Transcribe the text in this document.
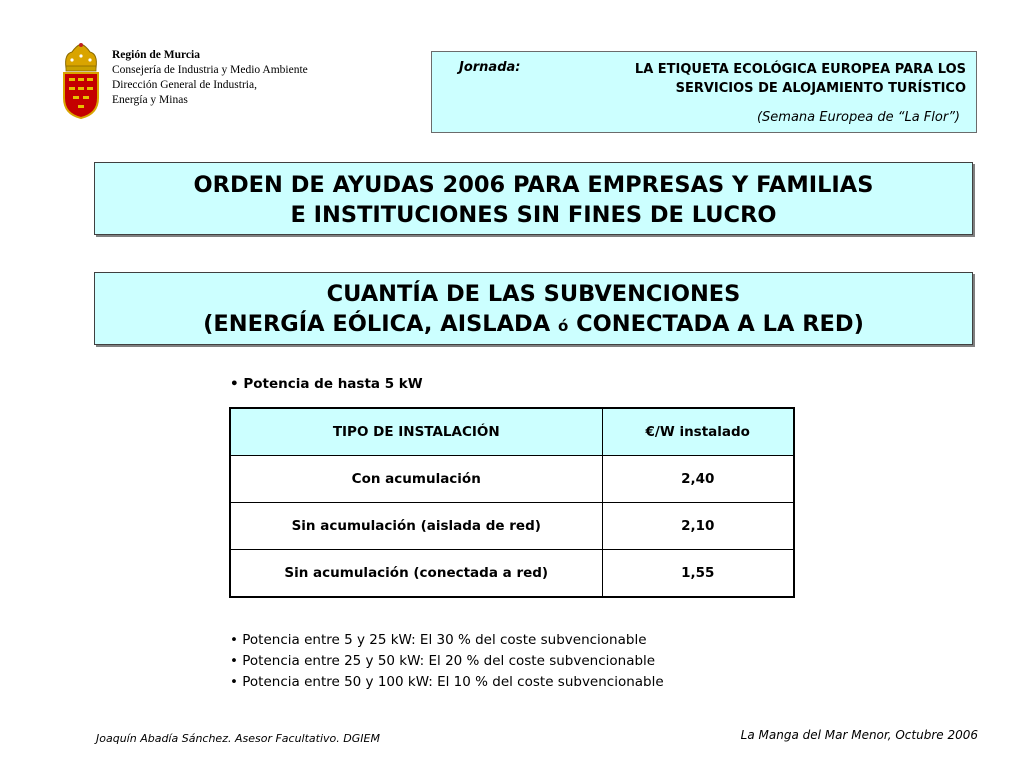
Región de Murcia
Consejería de Industria y Medio Ambiente
Dirección General de Industria,
Energía y Minas
Jornada:	LA ETIQUETA ECOLÓGICA EUROPEA PARA LOS
SERVICIOS DE ALOJAMIENTO TURÍSTICO
(Semana Europea de “La Flor”)
ORDEN DE AYUDAS 2006 PARA EMPRESAS Y FAMILIAS
E INSTITUCIONES SIN FINES DE LUCRO
CUANTÍA DE LAS SUBVENCIONES
(ENERGÍA EÓLICA, AISLADA ó CONECTADA A LA RED)
• Potencia de hasta 5 kW
TIPO DE INSTALACIÓN	€/W instalado
Con acumulación	2,40
Sin acumulación (aislada de red)	2,10
Sin acumulación (conectada a red)	1,55
• Potencia entre 5 y 25 kW: El 30 % del coste subvencionable
• Potencia entre 25 y 50 kW: El 20 % del coste subvencionable
• Potencia entre 50 y 100 kW: El 10 % del coste subvencionable
Joaquín Abadía Sánchez. Asesor Facultativo. DGIEM	La Manga del Mar Menor, Octubre 2006
